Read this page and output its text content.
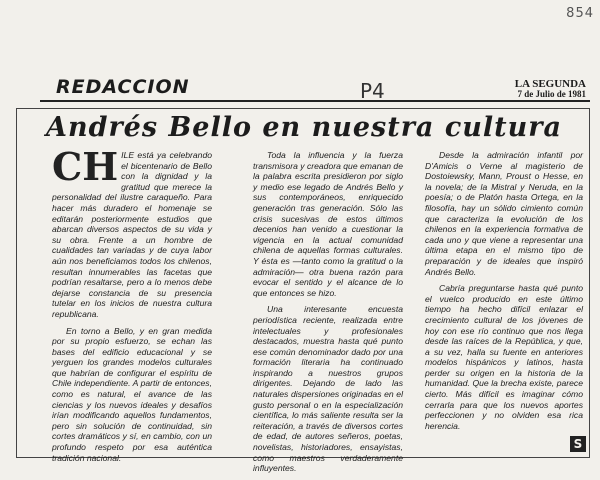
854
REDACCION	P4	LA SEGUNDA
7 de Julio de 1981
Andrés Bello en nuestra cultura

CH ILE está ya celebrando el bicentenario de Bello con la dignidad y la gratitud que merece la personalidad del ilustre caraqueño. Para hacer más duradero el homenaje se editarán posteriormente estudios que abarcan diversos aspectos de su vida y su obra. Frente a un hombre de cualidades tan variadas y de cuya labor aún nos beneficiamos todos los chilenos, resultan innumerables las facetas que podrían resaltarse, pero a lo menos debe dejarse constancia de su presencia tutelar en los inicios de nuestra cultura republicana.

En torno a Bello, y en gran medida por su propio esfuerzo, se echan las bases del edificio educacional y se yerguen los grandes modelos culturales que habrían de configurar el espíritu de Chile independiente. A partir de entonces, como es natural, el avance de las ciencias y los nuevos ideales y desafíos irían modificando aquellos fundamentos, pero sin solución de continuidad, sin cortes dramáticos y sí, en cambio, con un profundo respeto por esa auténtica tradición nacional.

Toda la influencia y la fuerza transmisora y creadora que emanan de la palabra escrita presidieron por siglo y medio ese legado de Andrés Bello y sus contemporáneos, enriquecido generación tras generación. Sólo las crisis sucesivas de estos últimos decenios han venido a cuestionar la vigencia en la actual comunidad chilena de aquellas formas culturales. Y ésta es —tanto como la gratitud o la admiración— otra buena razón para evocar el sentido y el alcance de lo que entonces se hizo.

Una interesante encuesta periodística reciente, realizada entre intelectuales y profesionales destacados, muestra hasta qué punto ese común denominador dado por una formación literaria ha continuado inspirando a nuestros grupos dirigentes. Dejando de lado las naturales dispersiones originadas en el gusto personal o en la especialización científica, lo más saliente resulta ser la reiteración, a través de diversos cortes de edad, de autores señeros, poetas, novelistas, historiadores, ensayistas, como maestros verdaderamente influyentes.

Desde la admiración infantil por D'Amicis o Verne al magisterio de Dostoiewsky, Mann, Proust o Hesse, en la novela; de la Mistral y Neruda, en la poesía; o de Platón hasta Ortega, en la filosofía, hay un sólido cimiento común que caracteriza la evolución de los chilenos en la experiencia formativa de cada uno y que viene a representar una última etapa en el mismo tipo de preparación y de ideales que inspiró Andrés Bello.

Cabría preguntarse hasta qué punto el vuelco producido en este último tiempo ha hecho difícil enlazar el crecimiento cultural de los jóvenes de hoy con ese río continuo que nos llega desde las raíces de la República, y que, a su vez, halla su fuente en anteriores modelos hispánicos y latinos, hasta perder su origen en la historia de la humanidad. Que la brecha existe, parece cierto. Más difícil es imaginar cómo cerrarla para que los nuevos aportes perfeccionen y no olviden esa rica herencia.

S
